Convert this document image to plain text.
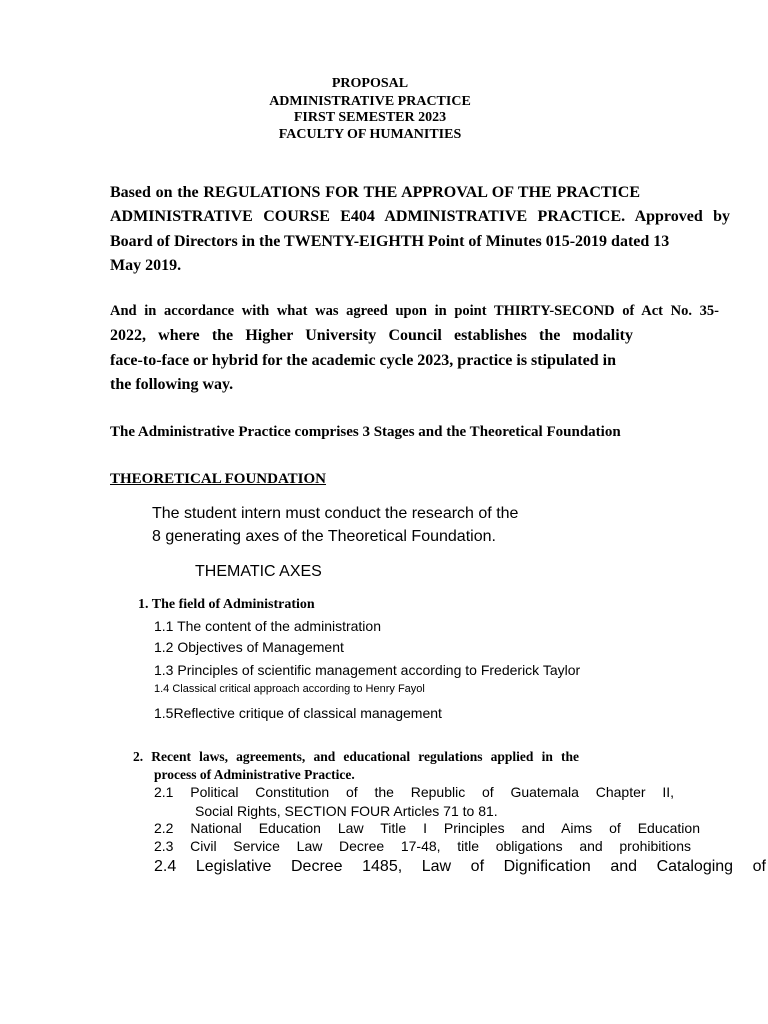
PROPOSAL
ADMINISTRATIVE PRACTICE
FIRST SEMESTER 2023
FACULTY OF HUMANITIES
Based on the REGULATIONS FOR THE APPROVAL OF THE PRACTICE
ADMINISTRATIVE COURSE E404 ADMINISTRATIVE PRACTICE. Approved by
Board of Directors in the TWENTY-EIGHTH Point of Minutes 015-2019 dated 13
May 2019.
And in accordance with what was agreed upon in point THIRTY-SECOND of Act No. 35-
2022, where the Higher University Council establishes the modality
face-to-face or hybrid for the academic cycle 2023, practice is stipulated in
the following way.
The Administrative Practice comprises 3 Stages and the Theoretical Foundation
THEORETICAL FOUNDATION
The student intern must conduct the research of the
8 generating axes of the Theoretical Foundation.
THEMATIC AXES
1. The field of Administration
1.1 The content of the administration
1.2 Objectives of Management
1.3 Principles of scientific management according to Frederick Taylor
1.4 Classical critical approach according to Henry Fayol
1.5Reflective critique of classical management
2. Recent laws, agreements, and educational regulations applied in the
process of Administrative Practice.
2.1 Political Constitution of the Republic of Guatemala Chapter II,
Social Rights, SECTION FOUR Articles 71 to 81.
2.2 National Education Law Title I Principles and Aims of Education
2.3 Civil Service Law Decree 17-48, title obligations and prohibitions
2.4 Legislative Decree 1485, Law of Dignification and Cataloging of
